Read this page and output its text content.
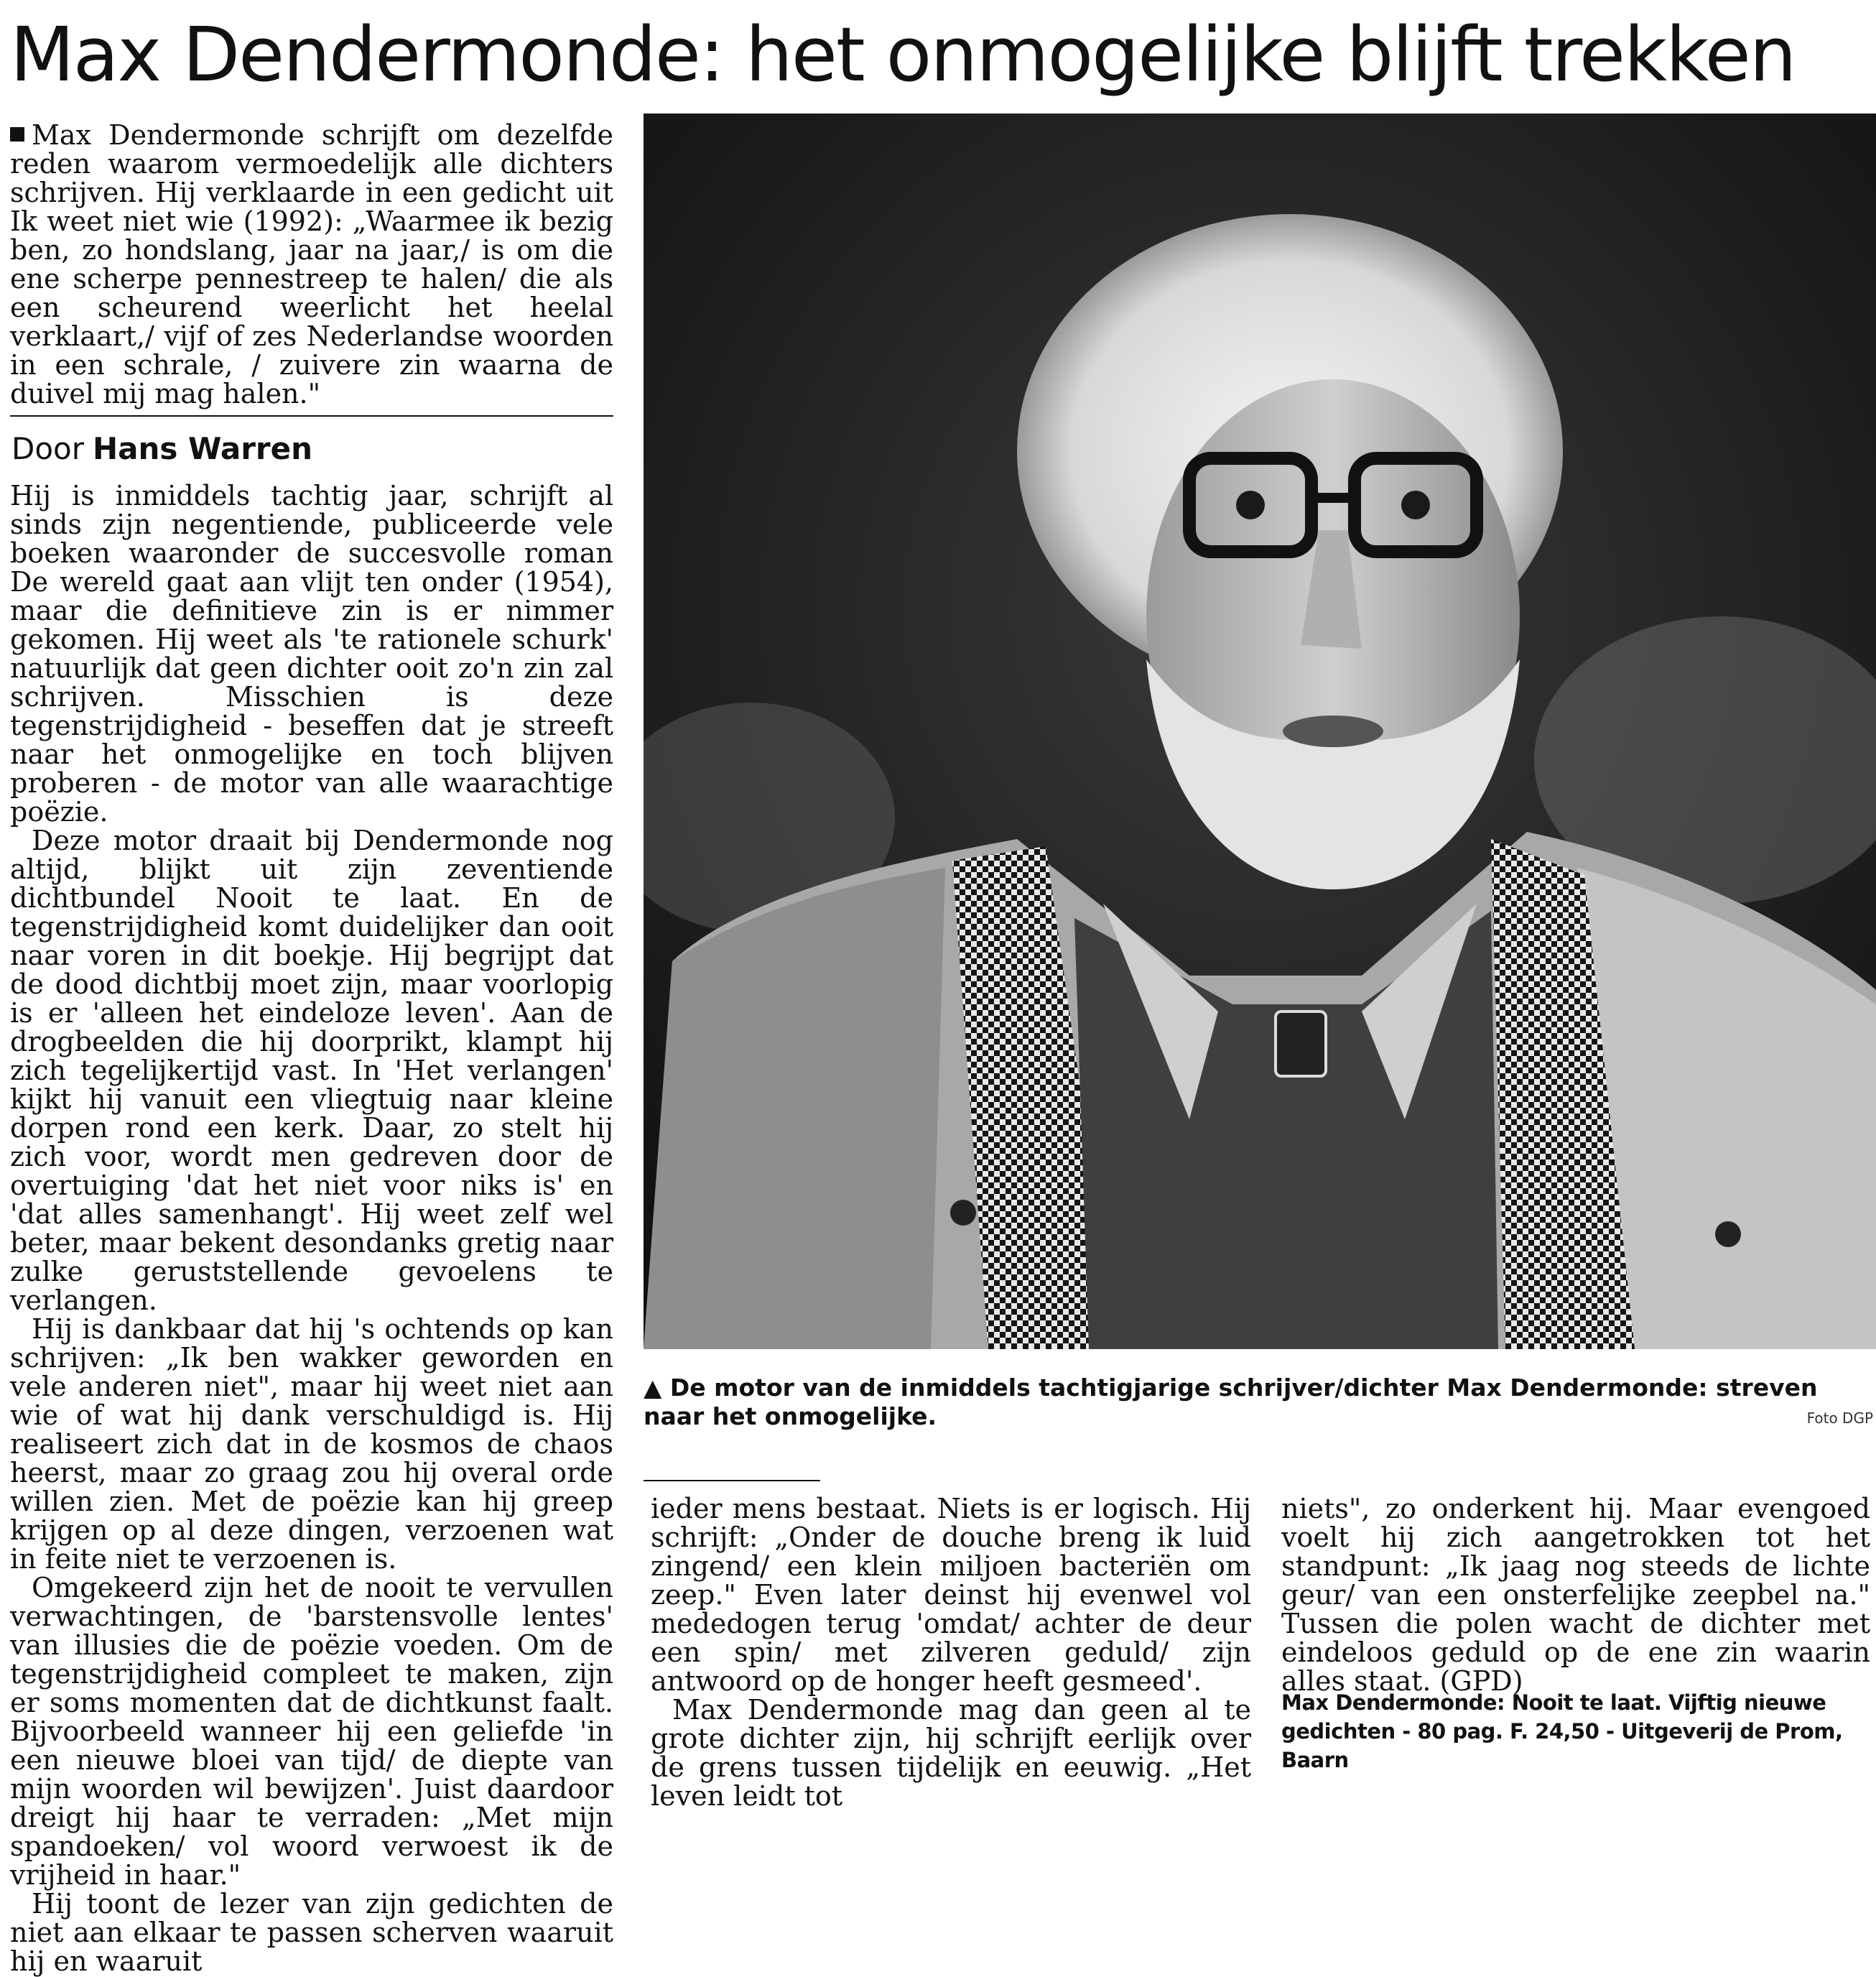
Max Dendermonde: het onmogelijke blijft trekken
Max Dendermonde schrijft om dezelfde reden waarom vermoedelijk alle dichters schrijven. Hij verklaarde in een gedicht uit Ik weet niet wie (1992): „Waarmee ik bezig ben, zo hondslang, jaar na jaar,/ is om die ene scherpe pennestreep te halen/ die als een scheurend weerlicht het heelal verklaart,/ vijf of zes Nederlandse woorden in een schrale, / zuivere zin waarna de duivel mij mag halen."
Door Hans Warren

Hij is inmiddels tachtig jaar, schrijft al sinds zijn negentiende, publiceerde vele boeken waaronder de succesvolle roman De wereld gaat aan vlijt ten onder (1954), maar die definitieve zin is er nimmer gekomen. Hij weet als 'te rationele schurk' natuurlijk dat geen dichter ooit zo'n zin zal schrijven. Misschien is deze tegenstrijdigheid - beseffen dat je streeft naar het onmogelijke en toch blijven proberen - de motor van alle waarachtige poëzie.

Deze motor draait bij Dendermonde nog altijd, blijkt uit zijn zeventiende dichtbundel Nooit te laat. En de tegenstrijdigheid komt duidelijker dan ooit naar voren in dit boekje. Hij begrijpt dat de dood dichtbij moet zijn, maar voorlopig is er 'alleen het eindeloze leven'. Aan de drogbeelden die hij doorprikt, klampt hij zich tegelijkertijd vast. In 'Het verlangen' kijkt hij vanuit een vliegtuig naar kleine dorpen rond een kerk. Daar, zo stelt hij zich voor, wordt men gedreven door de overtuiging 'dat het niet voor niks is' en 'dat alles samenhangt'. Hij weet zelf wel beter, maar bekent desondanks gretig naar zulke geruststellende gevoelens te verlangen.

Hij is dankbaar dat hij 's ochtends op kan schrijven: „Ik ben wakker geworden en vele anderen niet", maar hij weet niet aan wie of wat hij dank verschuldigd is. Hij realiseert zich dat in de kosmos de chaos heerst, maar zo graag zou hij overal orde willen zien. Met de poëzie kan hij greep krijgen op al deze dingen, verzoenen wat in feite niet te verzoenen is.

Omgekeerd zijn het de nooit te vervullen verwachtingen, de 'barstensvolle lentes' van illusies die de poëzie voeden. Om de tegenstrijdigheid compleet te maken, zijn er soms momenten dat de dichtkunst faalt. Bijvoorbeeld wanneer hij een geliefde 'in een nieuwe bloei van tijd/ de diepte van mijn woorden wil bewijzen'. Juist daardoor dreigt hij haar te verraden: „Met mijn spandoeken/ vol woord verwoest ik de vrijheid in haar."

Hij toont de lezer van zijn gedichten de niet aan elkaar te passen scherven waaruit hij en waaruit

▲ De motor van de inmiddels tachtigjarige schrijver/dichter Max Dendermonde: streven naar het onmogelijke.	Foto DGP

ieder mens bestaat. Niets is er logisch. Hij schrijft: „Onder de douche breng ik luid zingend/ een klein miljoen bacteriën om zeep." Even later deinst hij evenwel vol mededogen terug 'omdat/ achter de deur een spin/ met zilveren geduld/ zijn antwoord op de honger heeft gesmeed'.

Max Dendermonde mag dan geen al te grote dichter zijn, hij schrijft eerlijk over de grens tussen tijdelijk en eeuwig. „Het leven leidt tot

niets", zo onderkent hij. Maar evengoed voelt hij zich aangetrokken tot het standpunt: „Ik jaag nog steeds de lichte geur/ van een onsterfelijke zeepbel na." Tussen die polen wacht de dichter met eindeloos geduld op de ene zin waarin alles staat. (GPD)

Max Dendermonde: Nooit te laat. Vijftig nieuwe gedichten - 80 pag. F. 24,50 - Uitgeverij de Prom, Baarn
